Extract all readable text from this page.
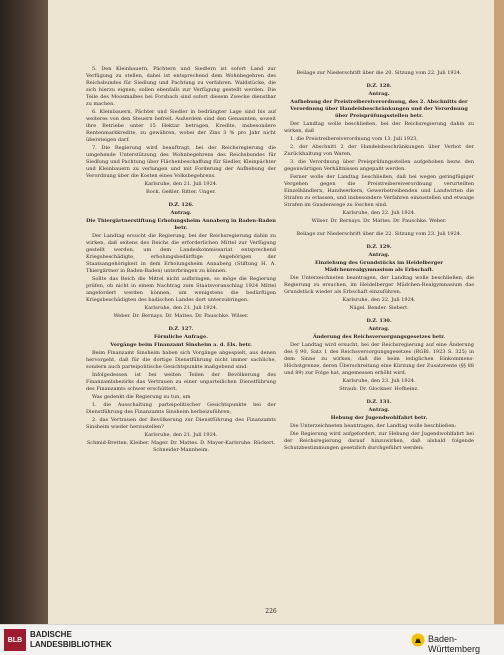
5. Den Kleinbauern, Pächtern und Siedlern ist sofort Land zur Verfügung zu stellen, dabei ist entsprechend dem Wohnbegehren des Reichsbundes für Siedlung und Pachtung zu verfahren. Waldstücke, die sich hierzu eignen, sollen ebenfalls zur Verfügung gestellt werden. Die Teile des Moosmalbes bei Forsbach sind sofort diesem Zwecke dienstbar zu machen.

6. Kleinbauern, Pächter und Siedler in bedrängter Lage sind bis auf weiteres von den Steuern befreit. Außerdem sind den Genannten, soweit ihre Betriebe unter 15 Hektar betragen, Kredite, insbesondere Rentenmarkkredite, zu gewähren, wobei der Zins 3 % pro Jahr nicht übersteigen darf.

7. Die Regierung wird beauftragt, bei der Reichsregierung die umgehende Unterstützung des Wohnbegehrens des Reichsbundes für Siedlung und Pachtung über Flächenbeschaffung für Siedler, Kleinpächter und Kleinbauern zu verlangen und mit Forderung der Aufhebung der Verordnung über die Kosten eines Volksbegehrens.

Karlsruhe, den 21. Juli 1924.

Bock. Geßler. Ritter. Unger.

D.Z. 126.

Antrag.

Die Thiergärtnerstiftung Erholungsheim Annaberg in Baden-Baden betr.

Der Landtag ersucht die Regierung, bei der Reichsregierung dahin zu wirken, daß seitens des Reichs die erforderlichen Mittel zur Verfügung gestellt werden, um dem Landeskommissariat entsprechend Kriegsbeschädigte, erholungsbedürftige Angehörigen der Staatsangehörigkeit in dem Erholungsheim Annaberg (Stiftung H. A. Thiergärtner in Baden-Baden) unterbringen zu können.

Sollte das Reich die Mittel nicht aufbringen, so möge die Regierung prüfen, ob nicht in einem Nachtrag zum Staatsvoranschlag 1924 Mittel angefordert werden können, um wenigstens die bedürftigen Kriegsbeschädigten des badischen Landes dort unterzubringen.

Karlsruhe, den 21. Juli 1924.

Weber. Dr. Bernays. Dr. Mattes. Dr. Pauschke. Wilser.

D.Z. 127.

Förmliche Anfrage.

Vorgänge beim Finanzamt Sinsheim a. d. Els. betr.

Beim Finanzamt Sinsheim haben sich Vorgänge abgespielt, aus denen hervorgeht, daß für die dortige Dienstführung nicht immer sachliche, sondern auch parteipolitische Gesichtspunkte maßgebend sind.

Infolgedessen ist bei weiten Teilen der Bevölkerung des Finanzamtsbezirks das Vertrauen zu einer unparteilichen Dienstführung des Finanzamts schwer erschüttert.

Was gedenkt die Regierung zu tun, um

1. die Ausschaltung parteipolitischer Gesichtspunkte bei der Dienstführung des Finanzamts Sinsheim herbeizuführen;

2. das Vertrauen der Bevölkerung zur Dienstführung des Finanzamts Sinsheim wieder herzustellen?

Karlsruhe, den 21. Juli 1924.

Schmid-Bretten. Kleiber. Mager. Dr. Mattes. D. Mayer-Karlsruhe. Rückert. Schneider-Mannheim.

Beilage zur Niederschrift über die 20. Sitzung vom 22. Juli 1924.

D.Z. 128.

Antrag.

Aufhebung der Preistreibereiverordnung, des 2. Abschnitts der Verordnung über Handelsbeschränkungen und der Verordnung über Preisprüfungsstellen betr.

Der Landtag wolle beschließen, bei der Reichsregierung dahin zu wirken, daß

1. die Preistreibereiverordnung vom 13. Juli 1923,

2. der Abschnitt 2 der Handelsbeschränkungen über Verbot der Zurückhaltung von Waren,

3. die Verordnung über Preisprüfungsstellen aufgehoben bezw. den gegenwärtigen Verhältnissen angepaßt werden.

Ferner wolle der Landtag beschließen, daß bei wegen geringfügiger Vergehen gegen die Preistreibereiverordnung verurteilten Einzelhändlern, Handwerkern, Gewerbetreibenden und Landwirten die Strafen zu erlassen, und insbesondere Verfahren einzustellen und etwaige Strafen im Gnadenwege zu löschen sind.

Karlsruhe, den 22. Juli 1924.

Wilser. Dr. Bernays. Dr. Mattes. Dr. Pauschke. Weber.

Beilage zur Niederschrift über die 22. Sitzung vom 23. Juli 1924.

D.Z. 129.

Antrag.

Einziehung des Grundstücks im Heidelberger Mädchenrealgymnasium als Erbschaft.

Die Unterzeichneten beantragen, der Landtag wolle beschließen, die Regierung zu ersuchen, im Heidelberger Mädchen-Realgymnasium das Grundstück wieder als Erbschaft einzuführen.

Karlsruhe, den 22. Juli 1924.

Nägel. Bender. Siebert.

D.Z. 130.

Antrag.

Änderung des Reichsversorgungsgesetzes betr.

Der Landtag wird ersucht, bei der Reichsregierung auf eine Änderung des § 90, Satz 1 des Reichsversorgungsgesetzes (RGBl. 1923 S. 325) in dem Sinne zu wirken, daß die beim lediglichen Einkommens-Höchstgrenze, deren Überschreitung eine Kürzung der Zusatzrente (§§ 88 und 89) zur Folge hat, angemessen erhöht wird.

Karlsruhe, den 23. Juli 1924.

Straub. Dr. Glockner. Hofheinz.

D.Z. 131.

Antrag.

Hebung der Jugendwohlfahrt betr.

Die Unterzeichneten beantragen, der Landtag wolle beschließen:

Die Regierung wird aufgefordert, zur Hebung der Jugendwohlfahrt bei der Reichsregierung darauf hinzuwirken, daß alsbald folgende Schutzbestimmungen gesetzlich durchgeführt werden:

226
BLB
BADISCHE
LANDESBIBLIOTHEK
Baden-Württemberg
